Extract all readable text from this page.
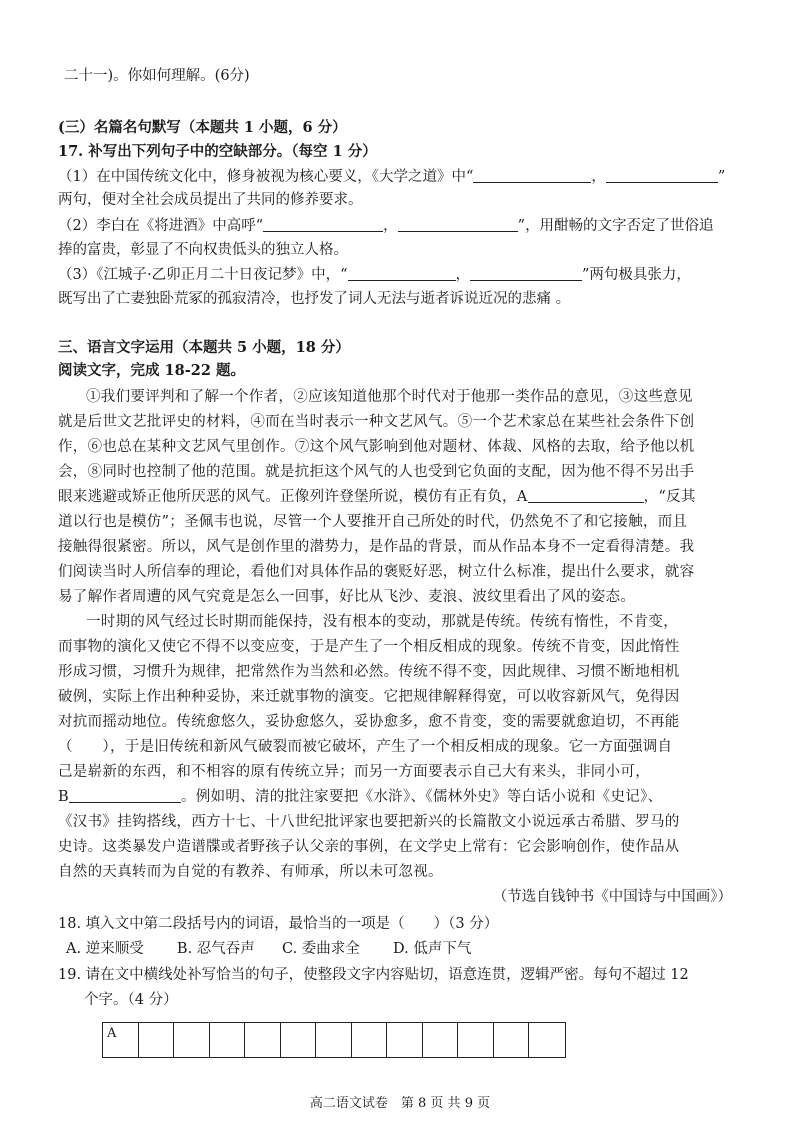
二十一)。你如何理解。(6分)
(三）名篇名句默写（本题共 1 小题，6 分）
17. 补写出下列句子中的空缺部分。（每空 1 分）
（1）在中国传统文化中，修身被视为核心要义，《大学之道》中“	，	”
两句，便对全社会成员提出了共同的修养要求。
（2）李白在《将进酒》中高呼“	，	”，用酣畅的文字否定了世俗追
捧的富贵，彰显了不向权贵低头的独立人格。
（3）《江城子·乙卯正月二十日夜记梦》中，“	，	”两句极具张力，
既写出了亡妻独卧荒冢的孤寂清冷，也抒发了词人无法与逝者诉说近况的悲痛 。
三、语言文字运用（本题共 5 小题，18 分）
阅读文字，完成 18-22 题。
①我们要评判和了解一个作者，②应该知道他那个时代对于他那一类作品的意见，③这些意见
就是后世文艺批评史的材料，④而在当时表示一种文艺风气。⑤一个艺术家总在某些社会条件下创
作，⑥也总在某种文艺风气里创作。⑦这个风气影响到他对题材、体裁、风格的去取，给予他以机
会，⑧同时也控制了他的范围。就是抗拒这个风气的人也受到它负面的支配，因为他不得不另出手
眼来逃避或矫正他所厌恶的风气。正像列许登堡所说，模仿有正有负，A	，“反其
道以行也是模仿”；圣佩韦也说，尽管一个人要推开自己所处的时代，仍然免不了和它接触，而且
接触得很紧密。所以，风气是创作里的潜势力，是作品的背景，而从作品本身不一定看得清楚。我
们阅读当时人所信奉的理论，看他们对具体作品的褒贬好恶，树立什么标准，提出什么要求，就容
易了解作者周遭的风气究竟是怎么一回事，好比从飞沙、麦浪、波纹里看出了风的姿态。
一时期的风气经过长时期而能保持，没有根本的变动，那就是传统。传统有惰性，不肯变，
而事物的演化又使它不得不以变应变，于是产生了一个相反相成的现象。传统不肯变，因此惰性
形成习惯，习惯升为规律，把常然作为当然和必然。传统不得不变，因此规律、习惯不断地相机
破例，实际上作出种种妥协，来迁就事物的演变。它把规律解释得宽，可以收容新风气，免得因
对抗而摇动地位。传统愈悠久，妥协愈悠久，妥协愈多，愈不肯变，变的需要就愈迫切，不再能
（　　），于是旧传统和新风气破裂而被它破坏，产生了一个相反相成的现象。它一方面强调自
己是崭新的东西，和不相容的原有传统立异；而另一方面要表示自己大有来头，非同小可，
B	。例如明、清的批注家要把《水浒》、《儒林外史》等白话小说和《史记》、
《汉书》挂钩搭线，西方十七、十八世纪批评家也要把新兴的长篇散文小说远承古希腊、罗马的
史诗。这类暴发户造谱牒或者野孩子认父亲的事例，在文学史上常有：它会影响创作，使作品从
自然的天真转而为自觉的有教养、有师承，所以未可忽视。
（节选自钱钟书《中国诗与中国画》）
18. 填入文中第二段括号内的词语，最恰当的一项是（　　）（3 分）
A. 逆来顺受 B. 忍气吞声 C. 委曲求全 D. 低声下气
19. 请在文中横线处补写恰当的句子，使整段文字内容贴切，语意连贯，逻辑严密。每句不超过 12
个字。（4 分）
A
高二语文试卷　第 8 页 共 9 页
